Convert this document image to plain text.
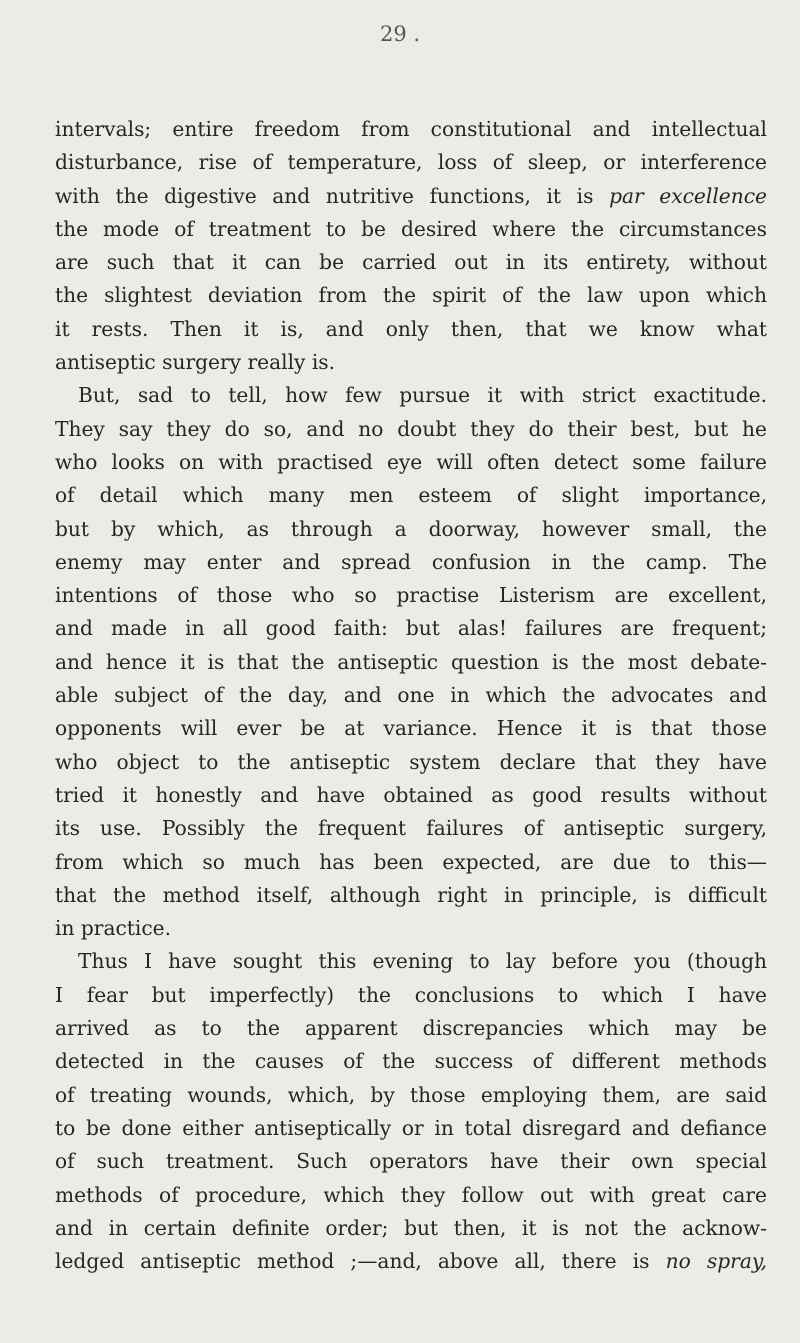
29 .
intervals; entire freedom from constitutional and intellectual
disturbance, rise of temperature, loss of sleep, or interference
with the digestive and nutritive functions, it is par excellence
the mode of treatment to be desired where the circumstances
are such that it can be carried out in its entirety, without
the slightest deviation from the spirit of the law upon which
it rests. Then it is, and only then, that we know what
antiseptic surgery really is.
But, sad to tell, how few pursue it with strict exactitude.
They say they do so, and no doubt they do their best, but he
who looks on with practised eye will often detect some failure
of detail which many men esteem of slight importance,
but by which, as through a doorway, however small, the
enemy may enter and spread confusion in the camp. The
intentions of those who so practise Listerism are excellent,
and made in all good faith: but alas! failures are frequent;
and hence it is that the antiseptic question is the most debate-
able subject of the day, and one in which the advocates and
opponents will ever be at variance. Hence it is that those
who object to the antiseptic system declare that they have
tried it honestly and have obtained as good results without
its use. Possibly the frequent failures of antiseptic surgery,
from which so much has been expected, are due to this—
that the method itself, although right in principle, is difficult
in practice.
Thus I have sought this evening to lay before you (though
I fear but imperfectly) the conclusions to which I have
arrived as to the apparent discrepancies which may be
detected in the causes of the success of different methods
of treating wounds, which, by those employing them, are said
to be done either antiseptically or in total disregard and defiance
of such treatment. Such operators have their own special
methods of procedure, which they follow out with great care
and in certain definite order; but then, it is not the acknow-
ledged antiseptic method ;—and, above all, there is no spray,
